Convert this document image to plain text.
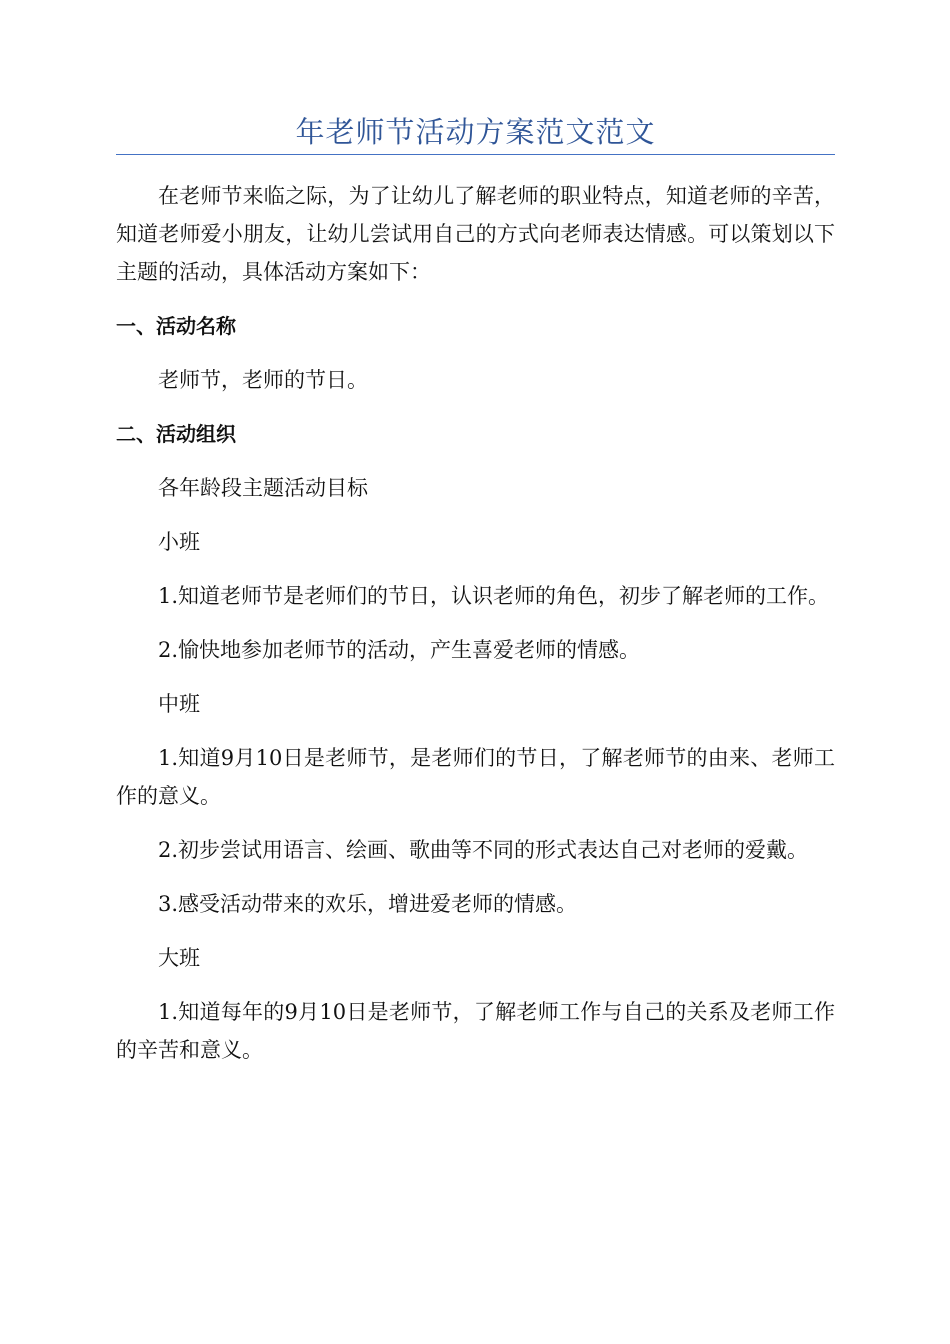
年老师节活动方案范文范文

在老师节来临之际，为了让幼儿了解老师的职业特点，知道老师的辛苦，知道老师爱小朋友，让幼儿尝试用自己的方式向老师表达情感。可以策划以下主题的活动，具体活动方案如下：

一、活动名称

老师节，老师的节日。

二、活动组织

各年龄段主题活动目标

小班

1.知道老师节是老师们的节日，认识老师的角色，初步了解老师的工作。

2.愉快地参加老师节的活动，产生喜爱老师的情感。

中班

1.知道9月10日是老师节，是老师们的节日，了解老师节的由来、老师工作的意义。

2.初步尝试用语言、绘画、歌曲等不同的形式表达自己对老师的爱戴。

3.感受活动带来的欢乐，增进爱老师的情感。

大班

1.知道每年的9月10日是老师节，了解老师工作与自己的关系及老师工作的辛苦和意义。
